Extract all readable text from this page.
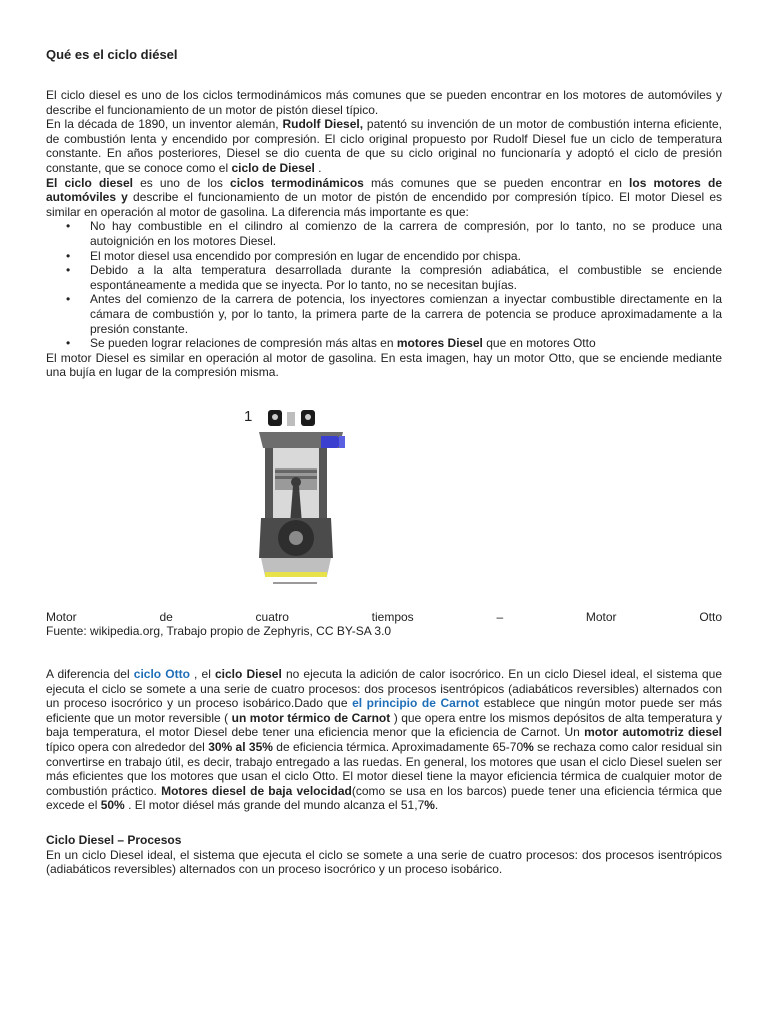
Qué es el ciclo diésel

El ciclo diesel es uno de los ciclos termodinámicos más comunes que se pueden encontrar en los motores de automóviles y describe el funcionamiento de un motor de pistón diesel típico.

En la década de 1890, un inventor alemán, Rudolf Diesel, patentó su invención de un motor de combustión interna eficiente, de combustión lenta y encendido por compresión. El ciclo original propuesto por Rudolf Diesel fue un ciclo de temperatura constante. En años posteriores, Diesel se dio cuenta de que su ciclo original no funcionaría y adoptó el ciclo de presión constante, que se conoce como el ciclo de Diesel .

El ciclo diesel es uno de los ciclos termodinámicos más comunes que se pueden encontrar en los motores de automóviles y describe el funcionamiento de un motor de pistón de encendido por compresión típico. El motor Diesel es similar en operación al motor de gasolina. La diferencia más importante es que:

• No hay combustible en el cilindro al comienzo de la carrera de compresión, por lo tanto, no se produce una autoignición en los motores Diesel.
• El motor diesel usa encendido por compresión en lugar de encendido por chispa.
• Debido a la alta temperatura desarrollada durante la compresión adiabática, el combustible se enciende espontáneamente a medida que se inyecta. Por lo tanto, no se necesitan bujías.
• Antes del comienzo de la carrera de potencia, los inyectores comienzan a inyectar combustible directamente en la cámara de combustión y, por lo tanto, la primera parte de la carrera de potencia se produce aproximadamente a la presión constante.
• Se pueden lograr relaciones de compresión más altas en motores Diesel que en motores Otto

El motor Diesel es similar en operación al motor de gasolina. En esta imagen, hay un motor Otto, que se enciende mediante una bujía en lugar de la compresión misma.

1
Motor	de	cuatro	tiempos	–	Motor	Otto

Fuente: wikipedia.org, Trabajo propio de Zephyris, CC BY-SA 3.0

A diferencia del ciclo Otto , el ciclo Diesel no ejecuta la adición de calor isocrórico. En un ciclo Diesel ideal, el sistema que ejecuta el ciclo se somete a una serie de cuatro procesos: dos procesos isentrópicos (adiabáticos reversibles) alternados con un proceso isocrórico y un proceso isobárico.Dado que el principio de Carnot establece que ningún motor puede ser más eficiente que un motor reversible ( un motor térmico de Carnot ) que opera entre los mismos depósitos de alta temperatura y baja temperatura, el motor Diesel debe tener una eficiencia menor que la eficiencia de Carnot. Un motor automotriz diesel típico opera con alrededor del 30% al 35% de eficiencia térmica. Aproximadamente 65-70% se rechaza como calor residual sin convertirse en trabajo útil, es decir, trabajo entregado a las ruedas. En general, los motores que usan el ciclo Diesel suelen ser más eficientes que los motores que usan el ciclo Otto. El motor diesel tiene la mayor eficiencia térmica de cualquier motor de combustión práctico. Motores diesel de baja velocidad(como se usa en los barcos) puede tener una eficiencia térmica que excede el 50% . El motor diésel más grande del mundo alcanza el 51,7%.

Ciclo Diesel – Procesos

En un ciclo Diesel ideal, el sistema que ejecuta el ciclo se somete a una serie de cuatro procesos: dos procesos isentrópicos (adiabáticos reversibles) alternados con un proceso isocrórico y un proceso isobárico.
